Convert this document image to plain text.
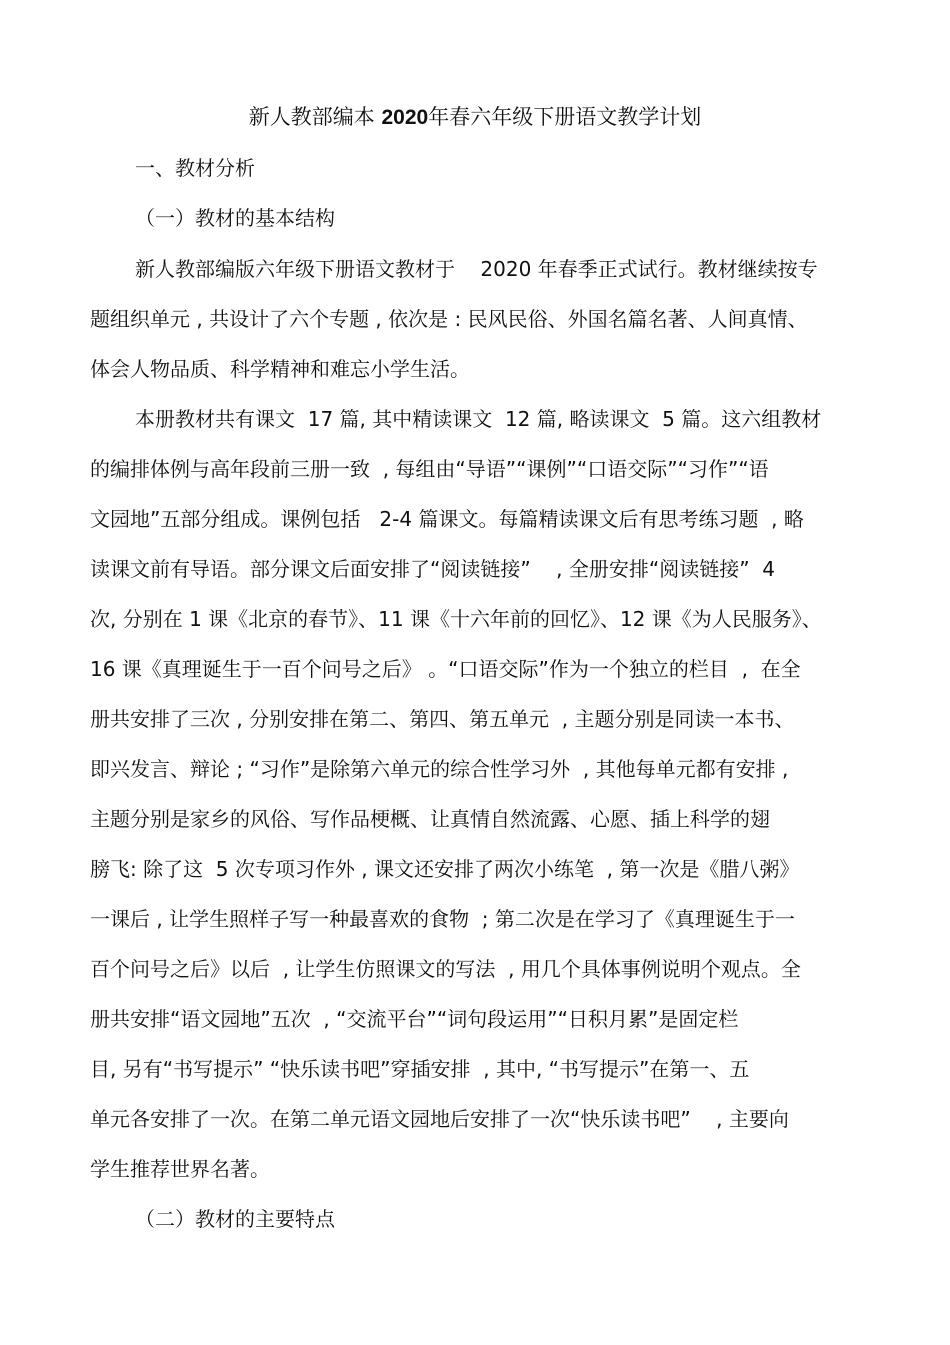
新人教部编本 2020年春六年级下册语文教学计划
一、教材分析
（一）教材的基本结构
新人教部编版六年级下册语文教材于    2020 年春季正式试行。教材继续按专
题组织单元 , 共设计了六个专题 , 依次是 : 民风民俗、外国名篇名著、人间真情、
体会人物品质、科学精神和难忘小学生活。
本册教材共有课文  17 篇, 其中精读课文  12 篇, 略读课文  5 篇。这六组教材
的编排体例与高年段前三册一致  , 每组由“导语”“课例”“口语交际”“习作”“语
文园地”五部分组成。课例包括   2-4 篇课文。每篇精读课文后有思考练习题  , 略
读课文前有导语。部分课文后面安排了“阅读链接”    , 全册安排“阅读链接”  4
次, 分别在 1 课《北京的春节》、11 课《十六年前的回忆》、12 课《为人民服务》、
16 课《真理诞生于一百个问号之后》 。“口语交际”作为一个独立的栏目  ,  在全
册共安排了三次 , 分别安排在第二、第四、第五单元  , 主题分别是同读一本书、
即兴发言、辩论 ; “习作”是除第六单元的综合性学习外  , 其他每单元都有安排 ,
主题分别是家乡的风俗、写作品梗概、让真情自然流露、心愿、插上科学的翅
膀飞: 除了这  5 次专项习作外 , 课文还安排了两次小练笔  , 第一次是《腊八粥》
一课后 , 让学生照样子写一种最喜欢的食物  ; 第二次是在学习了《真理诞生于一
百个问号之后》以后  , 让学生仿照课文的写法  , 用几个具体事例说明个观点。全
册共安排“语文园地”五次  , “交流平台”“词句段运用”“日积月累”是固定栏
目, 另有“书写提示” “快乐读书吧”穿插安排  , 其中, “书写提示”在第一、五
单元各安排了一次。在第二单元语文园地后安排了一次“快乐读书吧”    , 主要向
学生推荐世界名著。
（二）教材的主要特点
